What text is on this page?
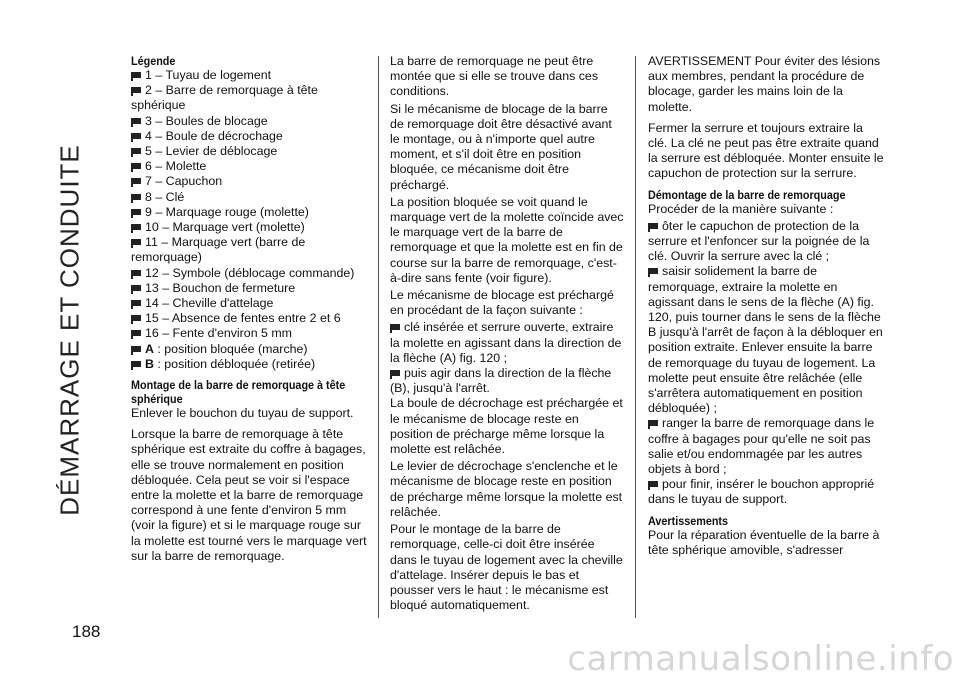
DÉMARRAGE ET CONDUITE
188
Légende

1 – Tuyau de logement

2 – Barre de remorquage à tête sphérique

3 – Boules de blocage

4 – Boule de décrochage

5 – Levier de déblocage

6 – Molette

7 – Capuchon

8 – Clé

9 – Marquage rouge (molette)

10 – Marquage vert (molette)

11 – Marquage vert (barre de remorquage)

12 – Symbole (déblocage commande)

13 – Bouchon de fermeture

14 – Cheville d'attelage

15 – Absence de fentes entre 2 et 6

16 – Fente d'environ 5 mm

A : position bloquée (marche)

B : position débloquée (retirée)

Montage de la barre de remorquage à tête sphérique

Enlever le bouchon du tuyau de support.

Lorsque la barre de remorquage à tête sphérique est extraite du coffre à bagages, elle se trouve normalement en position débloquée. Cela peut se voir si l'espace entre la molette et la barre de remorquage correspond à une fente d'environ 5 mm (voir la figure) et si le marquage rouge sur la molette est tourné vers le marquage vert sur la barre de remorquage.

La barre de remorquage ne peut être montée que si elle se trouve dans ces conditions.

Si le mécanisme de blocage de la barre de remorquage doit être désactivé avant le montage, ou à n'importe quel autre moment, et s'il doit être en position bloquée, ce mécanisme doit être préchargé.

La position bloquée se voit quand le marquage vert de la molette coïncide avec le marquage vert de la barre de remorquage et que la molette est en fin de course sur la barre de remorquage, c'est-à-dire sans fente (voir figure).

Le mécanisme de blocage est préchargé en procédant de la façon suivante :

clé insérée et serrure ouverte, extraire la molette en agissant dans la direction de la flèche (A) fig. 120 ;

puis agir dans la direction de la flèche (B), jusqu'à l'arrêt.

La boule de décrochage est préchargée et le mécanisme de blocage reste en position de précharge même lorsque la molette est relâchée.

Le levier de décrochage s'enclenche et le mécanisme de blocage reste en position de précharge même lorsque la molette est relâchée.

Pour le montage de la barre de remorquage, celle-ci doit être insérée dans le tuyau de logement avec la cheville d'attelage. Insérer depuis le bas et pousser vers le haut : le mécanisme est bloqué automatiquement.

AVERTISSEMENT Pour éviter des lésions aux membres, pendant la procédure de blocage, garder les mains loin de la molette.

Fermer la serrure et toujours extraire la clé. La clé ne peut pas être extraite quand la serrure est débloquée. Monter ensuite le capuchon de protection sur la serrure.

Démontage de la barre de remorquage

Procéder de la manière suivante :

ôter le capuchon de protection de la serrure et l'enfoncer sur la poignée de la clé. Ouvrir la serrure avec la clé ;

saisir solidement la barre de remorquage, extraire la molette en agissant dans le sens de la flèche (A) fig. 120, puis tourner dans le sens de la flèche B jusqu'à l'arrêt de façon à la débloquer en position extraite. Enlever ensuite la barre de remorquage du tuyau de logement. La molette peut ensuite être relâchée (elle s'arrêtera automatiquement en position débloquée) ;

ranger la barre de remorquage dans le coffre à bagages pour qu'elle ne soit pas salie et/ou endommagée par les autres objets à bord ;

pour finir, insérer le bouchon approprié dans le tuyau de support.

Avertissements

Pour la réparation éventuelle de la barre à tête sphérique amovible, s'adresser

carmanualsonline.info
